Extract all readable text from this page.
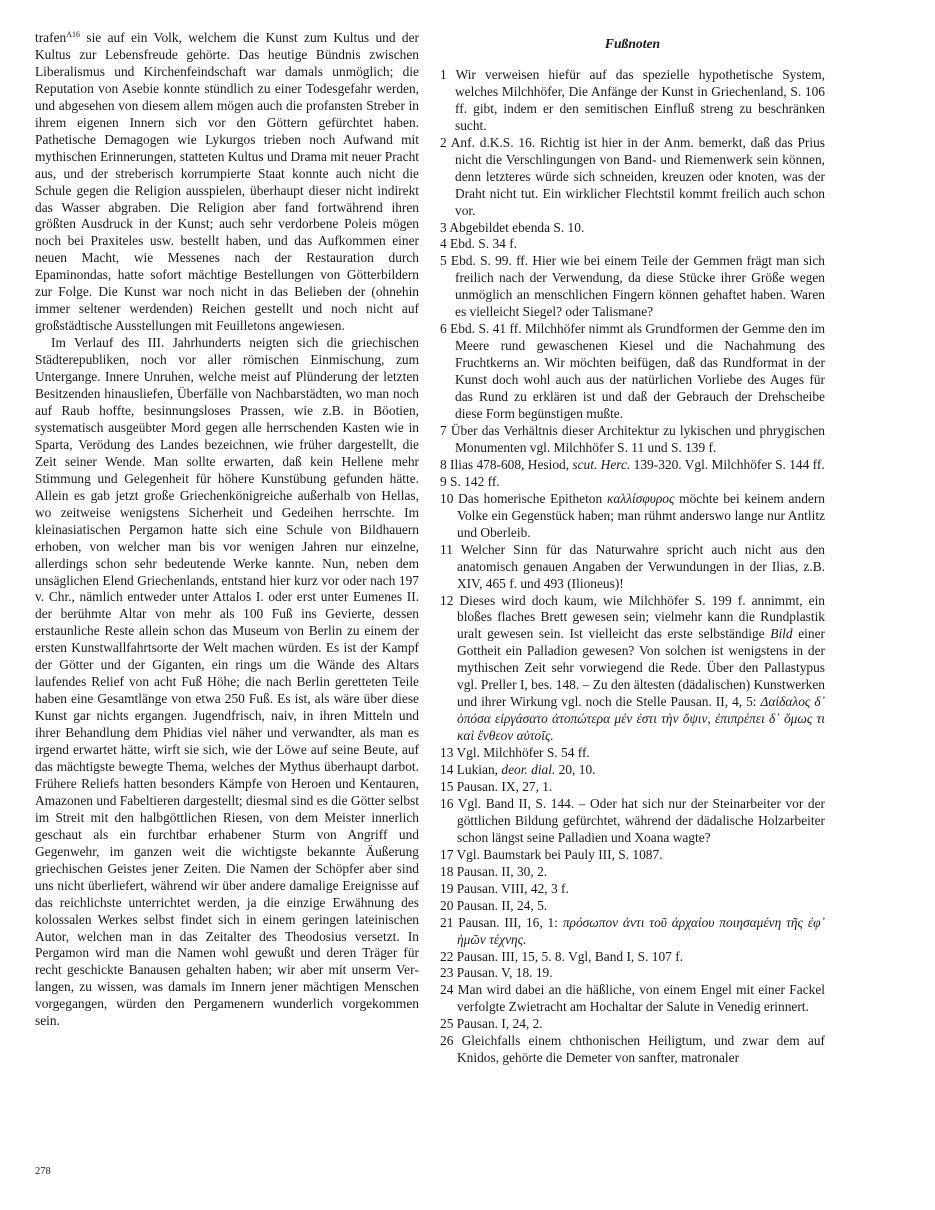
trafen$^{A16}$ sie auf ein Volk, welchem die Kunst zum Kultus und der Kultus zur Lebensfreude gehörte. Das heutige Bündnis zwischen Liberalismus und Kirchenfeindschaft war damals unmöglich; die Reputation von Asebie konnte stündlich zu einer Todesgefahr werden, und abgesehen von diesem allem mögen auch die profansten Streber in ihrem eigenen Innern sich vor den Göttern gefürchtet haben. Pathetische Demagogen wie Lykurgos trieben noch Aufwand mit mythischen Erinnerungen, statteten Kultus und Drama mit neuer Pracht aus, und der streberisch korrumpierte Staat konnte auch nicht die Schule gegen die Religion ausspielen, überhaupt dieser nicht indirekt das Wasser abgraben. Die Religion aber fand fortwährend ihren größten Ausdruck in der Kunst; auch sehr verdorbene Poleis mögen noch bei Praxiteles usw. bestellt haben, und das Aufkommen einer neuen Macht, wie Messenes nach der Restauration durch Epaminondas, hatte sofort mächtige Bestellungen von Götterbildern zur Folge. Die Kunst war noch nicht in das Belieben der (ohnehin immer seltener werdenden) Reichen gestellt und noch nicht auf großstädtische Ausstellungen mit Feuilletons angewiesen.

Im Verlauf des III. Jahrhunderts neigten sich die griechischen Städterepubliken, noch vor aller römischen Einmischung, zum Untergange. Innere Unruhen, welche meist auf Plünderung der letzten Besitzenden hinausliefen, Überfälle von Nachbarstädten, wo man noch auf Raub hoffte, besinnungsloses Prassen, wie z.B. in Böotien, systematisch ausgeübter Mord gegen alle herrschenden Kasten wie in Sparta, Verödung des Landes bezeichnen, wie früher dargestellt, die Zeit seiner Wende. Man sollte erwarten, daß kein Hellene mehr Stimmung und Gelegenheit für höhere Kunstübung gefunden hätte. Allein es gab jetzt große Griechenkönigreiche außerhalb von Hellas, wo zeitweise wenigstens Sicherheit und Gedeihen herrschte. Im kleinasiatischen Pergamon hatte sich eine Schule von Bildhauern erhoben, von welcher man bis vor wenigen Jahren nur einzelne, allerdings schon sehr bedeutende Werke kannte. Nun, neben dem unsäglichen Elend Griechenlands, entstand hier kurz vor oder nach 197 v. Chr., nämlich entweder unter Attalos I. oder erst unter Eumenes II. der berühmte Altar von mehr als 100 Fuß ins Gevierte, dessen erstaunliche Reste allein schon das Museum von Berlin zu einem der ersten Kunstwallfahrtsorte der Welt machen würden. Es ist der Kampf der Götter und der Giganten, ein rings um die Wände des Altars laufendes Relief von acht Fuß Höhe; die nach Berlin geretteten Teile haben eine Gesamtlänge von etwa 250 Fuß. Es ist, als wäre über diese Kunst gar nichts ergangen. Jugendfrisch, naiv, in ihren Mitteln und ihrer Behandlung dem Phidias viel näher und verwandter, als man es irgend erwartet hätte, wirft sie sich, wie der Löwe auf seine Beute, auf das mächtigste bewegte Thema, welches der Mythus überhaupt darbot. Frühere Reliefs hatten besonders Kämpfe von Heroen und Kentauren, Amazonen und Fabeltieren dargestellt; diesmal sind es die Götter selbst im Streit mit den halbgöttlichen Riesen, von dem Meister innerlich geschaut als ein furchtbar erhabener Sturm von Angriff und Gegenwehr, im ganzen weit die wichtigste bekannte Äußerung griechischen Geistes jener Zeiten. Die Namen der Schöpfer aber sind uns nicht überliefert, während wir über andere damalige Ereignisse auf das reichlichste unterrichtet werden, ja die einzige Erwähnung des kolossalen Werkes selbst findet sich in einem geringen lateinischen Autor, welchen man in das Zeitalter des Theodosius versetzt. In Pergamon wird man die Namen wohl gewußt und deren Träger für recht geschickte Banausen gehalten haben; wir aber mit unserm Verlangen, zu wissen, was damals im Innern jener mächtigen Menschen vorgegangen, würden den Pergamenern wunderlich vorgekommen sein.

Fußnoten

1 Wir verweisen hiefür auf das spezielle hypothetische System, welches Milchhöfer, Die Anfänge der Kunst in Griechenland, S. 106 ff. gibt, indem er den semitischen Einfluß streng zu beschränken sucht.

2 Anf. d.K.S. 16. Richtig ist hier in der Anm. bemerkt, daß das Prius nicht die Verschlingungen von Band- und Riemenwerk sein können, denn letzteres würde sich schneiden, kreuzen oder knoten, was der Draht nicht tut. Ein wirklicher Flechtstil kommt freilich auch schon vor.

3 Abgebildet ebenda S. 10.

4 Ebd. S. 34 f.

5 Ebd. S. 99. ff. Hier wie bei einem Teile der Gemmen frägt man sich freilich nach der Verwendung, da diese Stücke ihrer Größe wegen unmöglich an menschlichen Fingern können gehaftet haben. Waren es vielleicht Siegel? oder Talismane?

6 Ebd. S. 41 ff. Milchhöfer nimmt als Grundformen der Gemme den im Meere rund gewaschenen Kiesel und die Nachahmung des Fruchtkerns an. Wir möchten beifügen, daß das Rundformat in der Kunst doch wohl auch aus der natürlichen Vorliebe des Auges für das Rund zu erklären ist und daß der Gebrauch der Drehscheibe diese Form begünstigen mußte.

7 Über das Verhältnis dieser Architektur zu lykischen und phrygischen Monumenten vgl. Milchhöfer S. 11 und S. 139 f.

8 Ilias 478-608, Hesiod, scut. Herc. 139-320. Vgl. Milchhöfer S. 144 ff.

9 S. 142 ff.

10 Das homerische Epitheton καλλίσφυρος möchte bei keinem andern Volke ein Gegenstück haben; man rühmt anderswo lange nur Antlitz und Oberleib.

11 Welcher Sinn für das Naturwahre spricht auch nicht aus den anatomisch genauen Angaben der Verwundungen in der Ilias, z.B. XIV, 465 f. und 493 (Ilioneus)!

12 Dieses wird doch kaum, wie Milchhöfer S. 199 f. annimmt, ein bloßes flaches Brett gewesen sein; vielmehr kann die Rundplastik uralt gewesen sein. Ist vielleicht das erste selbständige Bild einer Gottheit ein Palladion gewesen? Von solchen ist wenigstens in der mythischen Zeit sehr vorwiegend die Rede. Über den Pallastypus vgl. Preller I, bes. 148. – Zu den ältesten (dädalischen) Kunstwerken und ihrer Wirkung vgl. noch die Stelle Pausan. II, 4, 5: Δαίδαλος δ᾽ ὁπόσα εἰργάσατο ἀτοπώτερα μέν ἐστι τὴν ὄψιν, ἐπιπρέπει δ᾽ ὅμως τι καὶ ἔνθεον αὐτοῖς.

13 Vgl. Milchhöfer S. 54 ff.

14 Lukian, deor. dial. 20, 10.

15 Pausan. IX, 27, 1.

16 Vgl. Band II, S. 144. – Oder hat sich nur der Steinarbeiter vor der göttlichen Bildung gefürchtet, während der dädalische Holzarbeiter schon längst seine Palladien und Xoana wagte?

17 Vgl. Baumstark bei Pauly III, S. 1087.

18 Pausan. II, 30, 2.

19 Pausan. VIII, 42, 3 f.

20 Pausan. II, 24, 5.

21 Pausan. III, 16, 1: πρόσωπον ἀντι τοῦ ἀρχαίου ποιησαμένη τῆς ἐφ᾽ ἡμῶν τέχνης.

22 Pausan. III, 15, 5. 8. Vgl, Band I, S. 107 f.

23 Pausan. V, 18. 19.

24 Man wird dabei an die häßliche, von einem Engel mit einer Fackel verfolgte Zwietracht am Hochaltar der Salute in Venedig erinnert.

25 Pausan. I, 24, 2.

26 Gleichfalls einem chthonischen Heiligtum, und zwar dem auf Knidos, gehörte die Demeter von sanfter, matronaler

278
